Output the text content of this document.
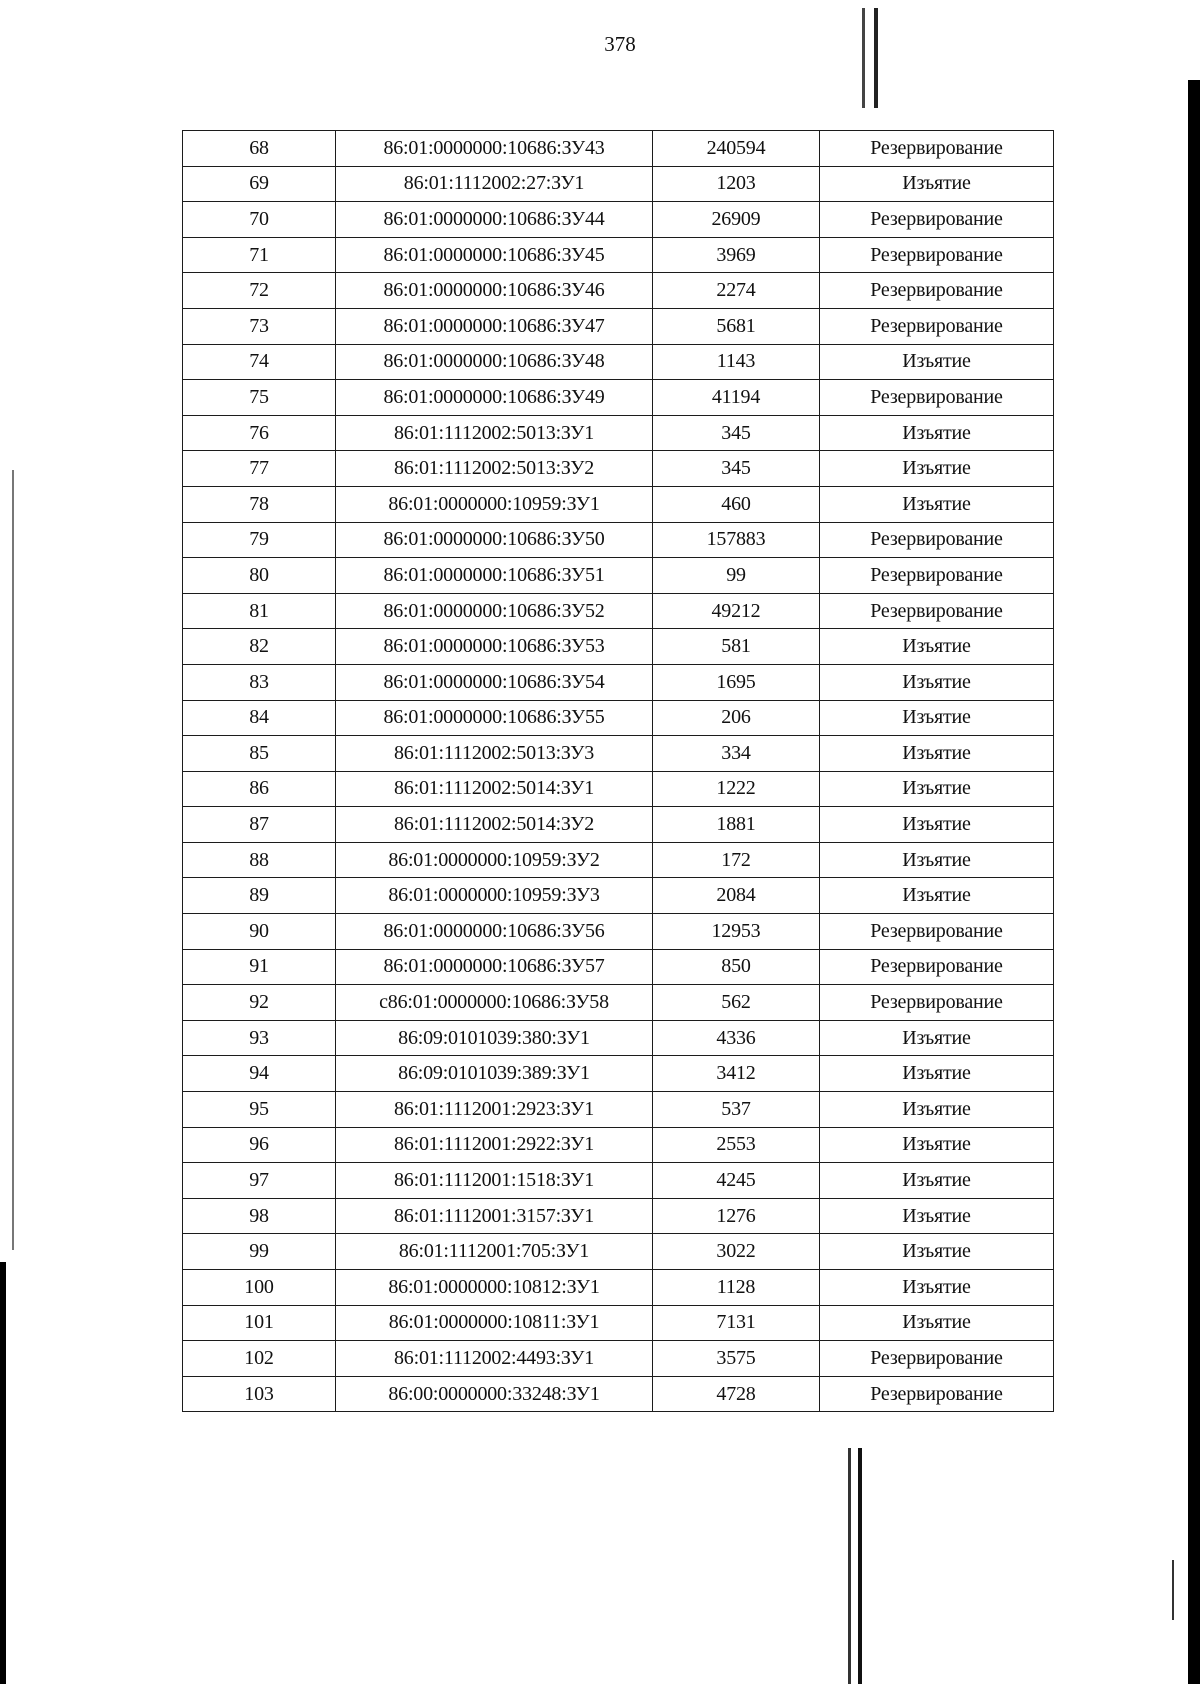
378
68	86:01:0000000:10686:ЗУ43	240594	Резервирование
69	86:01:1112002:27:ЗУ1	1203	Изъятие
70	86:01:0000000:10686:ЗУ44	26909	Резервирование
71	86:01:0000000:10686:ЗУ45	3969	Резервирование
72	86:01:0000000:10686:ЗУ46	2274	Резервирование
73	86:01:0000000:10686:ЗУ47	5681	Резервирование
74	86:01:0000000:10686:ЗУ48	1143	Изъятие
75	86:01:0000000:10686:ЗУ49	41194	Резервирование
76	86:01:1112002:5013:ЗУ1	345	Изъятие
77	86:01:1112002:5013:ЗУ2	345	Изъятие
78	86:01:0000000:10959:ЗУ1	460	Изъятие
79	86:01:0000000:10686:ЗУ50	157883	Резервирование
80	86:01:0000000:10686:ЗУ51	99	Резервирование
81	86:01:0000000:10686:ЗУ52	49212	Резервирование
82	86:01:0000000:10686:ЗУ53	581	Изъятие
83	86:01:0000000:10686:ЗУ54	1695	Изъятие
84	86:01:0000000:10686:ЗУ55	206	Изъятие
85	86:01:1112002:5013:ЗУ3	334	Изъятие
86	86:01:1112002:5014:ЗУ1	1222	Изъятие
87	86:01:1112002:5014:ЗУ2	1881	Изъятие
88	86:01:0000000:10959:ЗУ2	172	Изъятие
89	86:01:0000000:10959:ЗУ3	2084	Изъятие
90	86:01:0000000:10686:ЗУ56	12953	Резервирование
91	86:01:0000000:10686:ЗУ57	850	Резервирование
92	с86:01:0000000:10686:ЗУ58	562	Резервирование
93	86:09:0101039:380:ЗУ1	4336	Изъятие
94	86:09:0101039:389:ЗУ1	3412	Изъятие
95	86:01:1112001:2923:ЗУ1	537	Изъятие
96	86:01:1112001:2922:ЗУ1	2553	Изъятие
97	86:01:1112001:1518:ЗУ1	4245	Изъятие
98	86:01:1112001:3157:ЗУ1	1276	Изъятие
99	86:01:1112001:705:ЗУ1	3022	Изъятие
100	86:01:0000000:10812:ЗУ1	1128	Изъятие
101	86:01:0000000:10811:ЗУ1	7131	Изъятие
102	86:01:1112002:4493:ЗУ1	3575	Резервирование
103	86:00:0000000:33248:ЗУ1	4728	Резервирование
